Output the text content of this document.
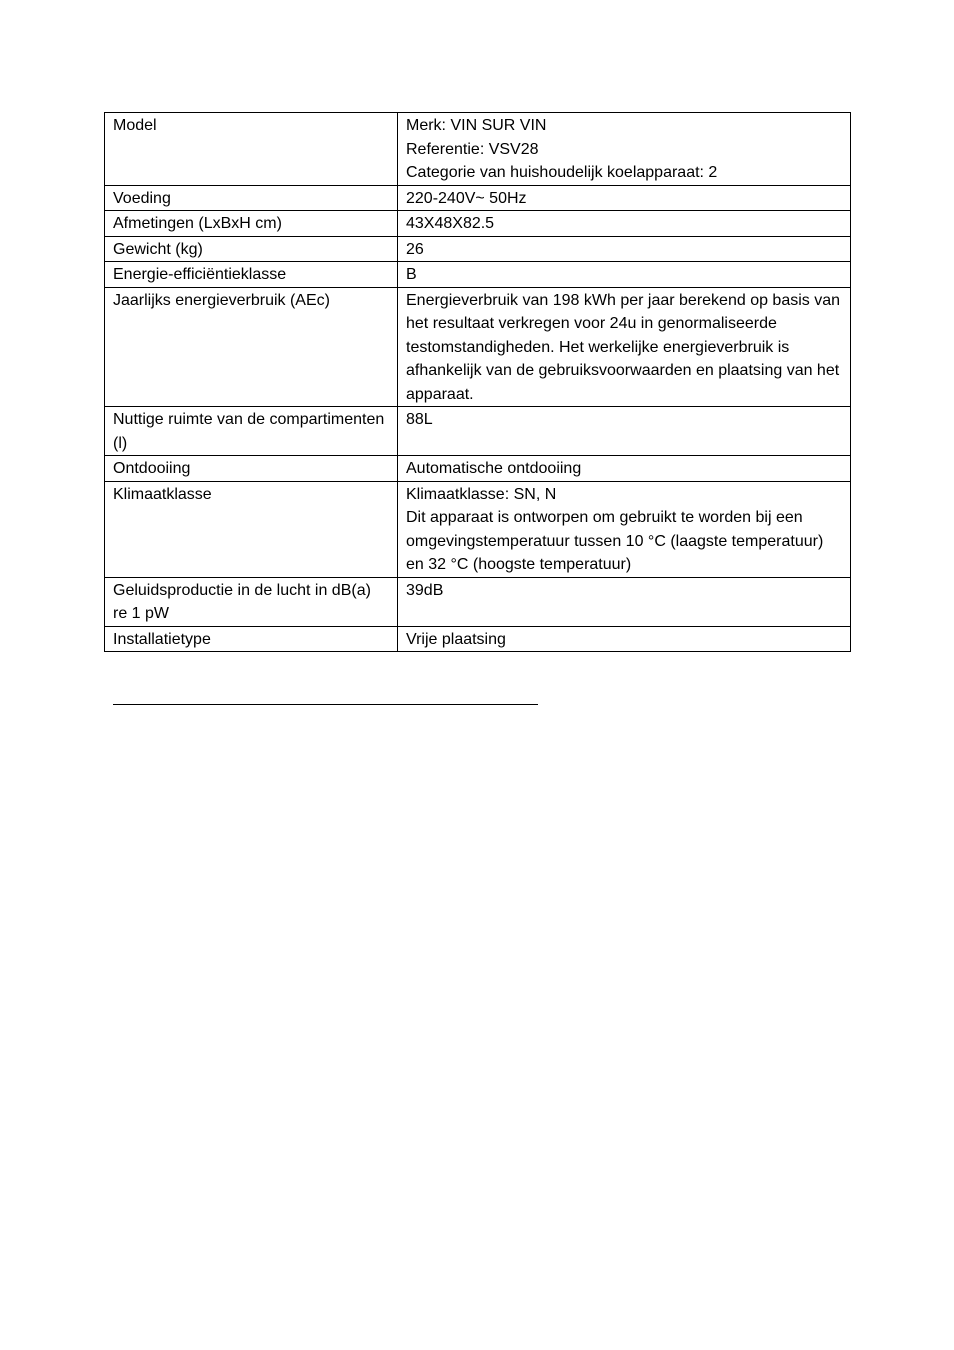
Model	Merk: VIN SUR VIN
Referentie: VSV28
Categorie van huishoudelijk koelapparaat: 2

Voeding	220-240V~ 50Hz

Afmetingen (LxBxH cm)	43X48X82.5

Gewicht (kg)	26

Energie-efficiëntieklasse	B

Jaarlijks energieverbruik (AEc)	Energieverbruik van 198 kWh per jaar berekend op basis van het resultaat verkregen voor 24u in genormaliseerde testomstandigheden. Het werkelijke energieverbruik is afhankelijk van de gebruiksvoorwaarden en plaatsing van het apparaat.

Nuttige ruimte van de compartimenten (l)	88L

Ontdooiing	Automatische ontdooiing

Klimaatklasse	Klimaatklasse: SN, N
Dit apparaat is ontworpen om gebruikt te worden bij een omgevingstemperatuur tussen 10 °C (laagste temperatuur) en 32 °C (hoogste temperatuur)

Geluidsproductie in de lucht in dB(a) re 1 pW	39dB

Installatietype	Vrije plaatsing
